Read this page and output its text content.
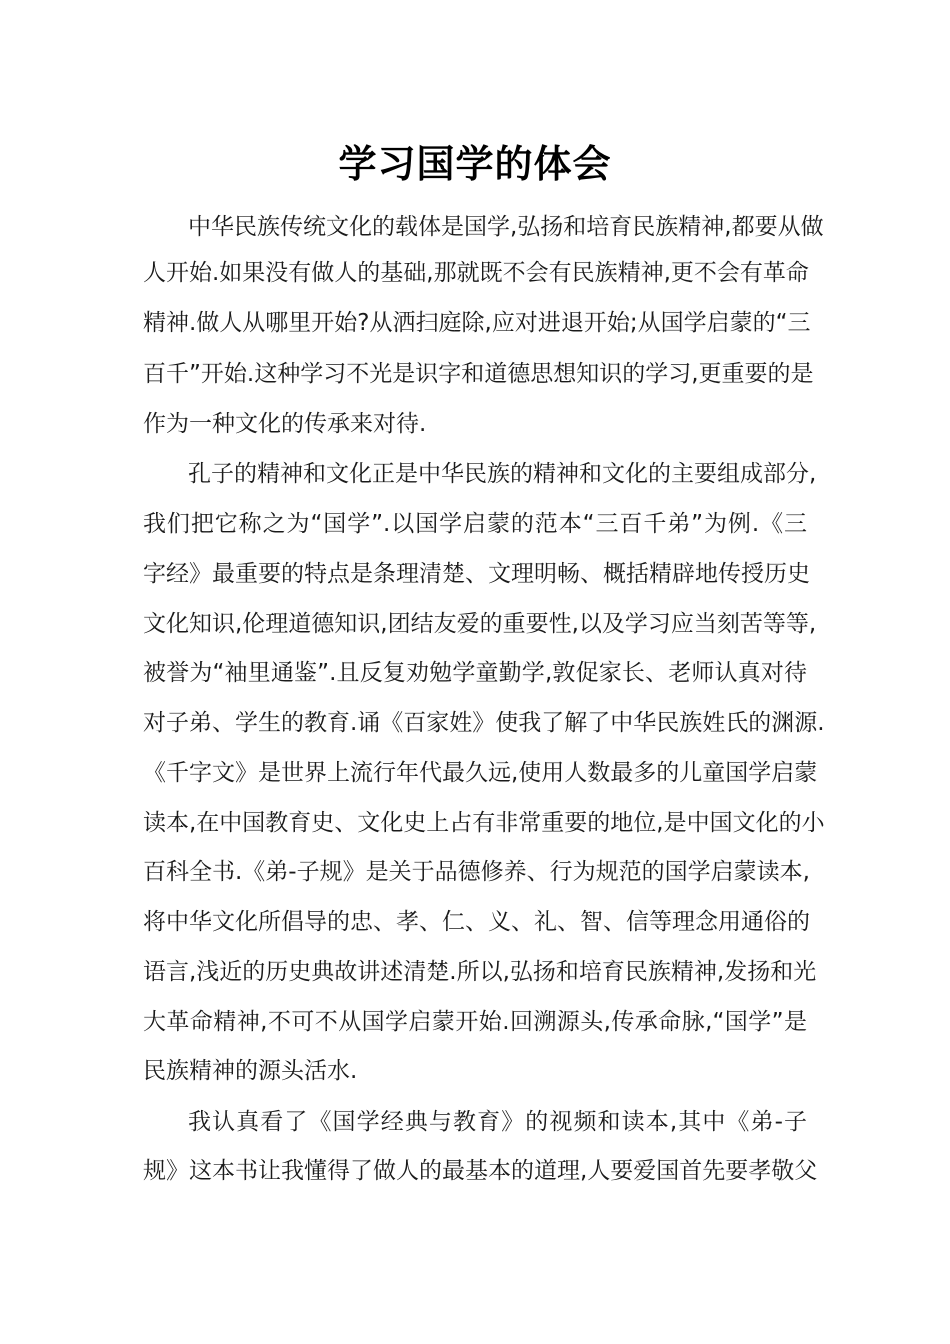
学习国学的体会

中华民族传统文化的载体是国学,弘扬和培育民族精神,都要从做

人开始.如果没有做人的基础,那就既不会有民族精神,更不会有革命

精神.做人从哪里开始?从洒扫庭除,应对进退开始;从国学启蒙的“三

百千”开始.这种学习不光是识字和道德思想知识的学习,更重要的是

作为一种文化的传承来对待.

孔子的精神和文化正是中华民族的精神和文化的主要组成部分,

我们把它称之为“国学”.以国学启蒙的范本“三百千弟”为例.《三

字经》最重要的特点是条理清楚、文理明畅、概括精辟地传授历史

文化知识,伦理道德知识,团结友爱的重要性,以及学习应当刻苦等等,

被誉为“袖里通鉴”.且反复劝勉学童勤学,敦促家长、老师认真对待

对子弟、学生的教育.诵《百家姓》使我了解了中华民族姓氏的渊源.

《千字文》是世界上流行年代最久远,使用人数最多的儿童国学启蒙

读本,在中国教育史、文化史上占有非常重要的地位,是中国文化的小

百科全书.《弟-子规》是关于品德修养、行为规范的国学启蒙读本,

将中华文化所倡导的忠、孝、仁、义、礼、智、信等理念用通俗的

语言,浅近的历史典故讲述清楚.所以,弘扬和培育民族精神,发扬和光

大革命精神,不可不从国学启蒙开始.回溯源头,传承命脉,“国学”是

民族精神的源头活水.

我认真看了《国学经典与教育》的视频和读本,其中《弟-子

规》这本书让我懂得了做人的最基本的道理,人要爱国首先要孝敬父
